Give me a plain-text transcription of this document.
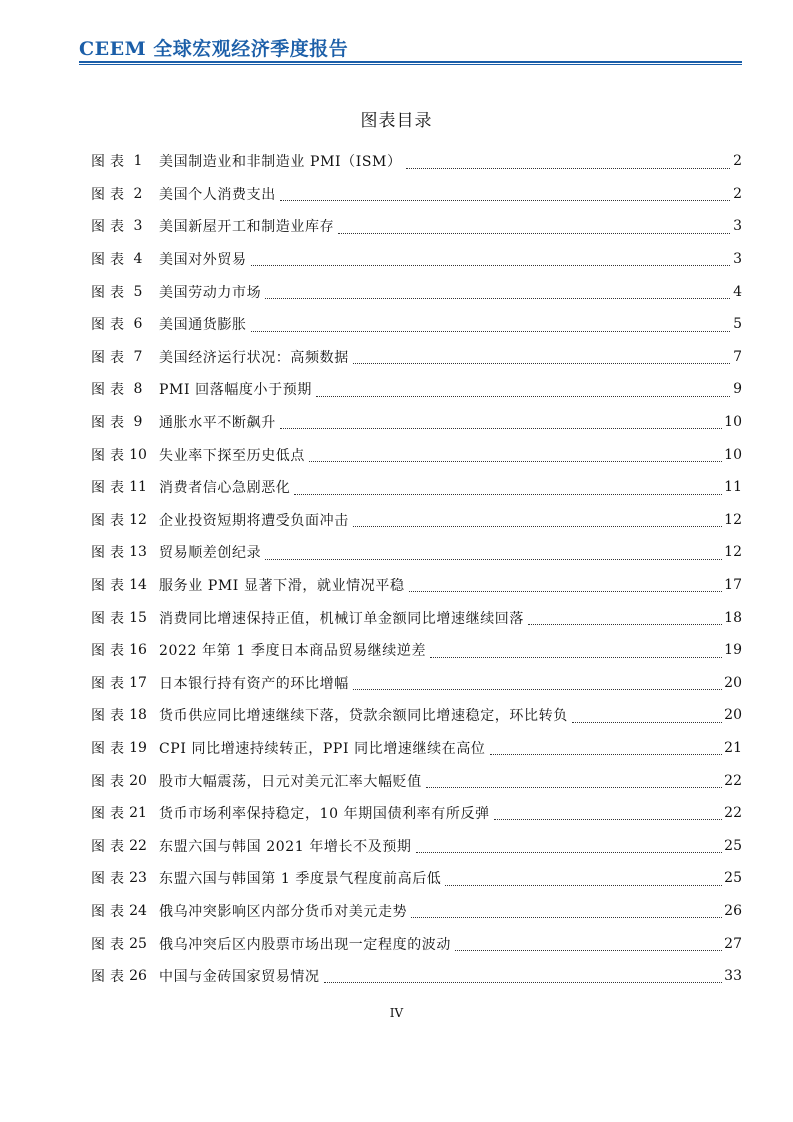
CEEM 全球宏观经济季度报告
图表目录
图表 1	美国制造业和非制造业 PMI（ISM）	2
图表 2	美国个人消费支出	2
图表 3	美国新屋开工和制造业库存	3
图表 4	美国对外贸易	3
图表 5	美国劳动力市场	4
图表 6	美国通货膨胀	5
图表 7	美国经济运行状况：高频数据	7
图表 8	PMI 回落幅度小于预期	9
图表 9	通胀水平不断飙升	10
图表 10 失业率下探至历史低点	10
图表 11 消费者信心急剧恶化	11
图表 12 企业投资短期将遭受负面冲击	12
图表 13 贸易顺差创纪录	12
图表 14 服务业 PMI 显著下滑，就业情况平稳	17
图表 15 消费同比增速保持正值，机械订单金额同比增速继续回落	18
图表 16 2022 年第 1 季度日本商品贸易继续逆差	19
图表 17 日本银行持有资产的环比增幅	20
图表 18 货币供应同比增速继续下落，贷款余额同比增速稳定，环比转负	20
图表 19 CPI 同比增速持续转正，PPI 同比增速继续在高位	21
图表 20 股市大幅震荡，日元对美元汇率大幅贬值	22
图表 21 货币市场利率保持稳定，10 年期国债利率有所反弹	22
图表 22 东盟六国与韩国 2021 年增长不及预期	25
图表 23 东盟六国与韩国第 1 季度景气程度前高后低	25
图表 24 俄乌冲突影响区内部分货币对美元走势	26
图表 25 俄乌冲突后区内股票市场出现一定程度的波动	27
图表 26 中国与金砖国家贸易情况	33
IV
